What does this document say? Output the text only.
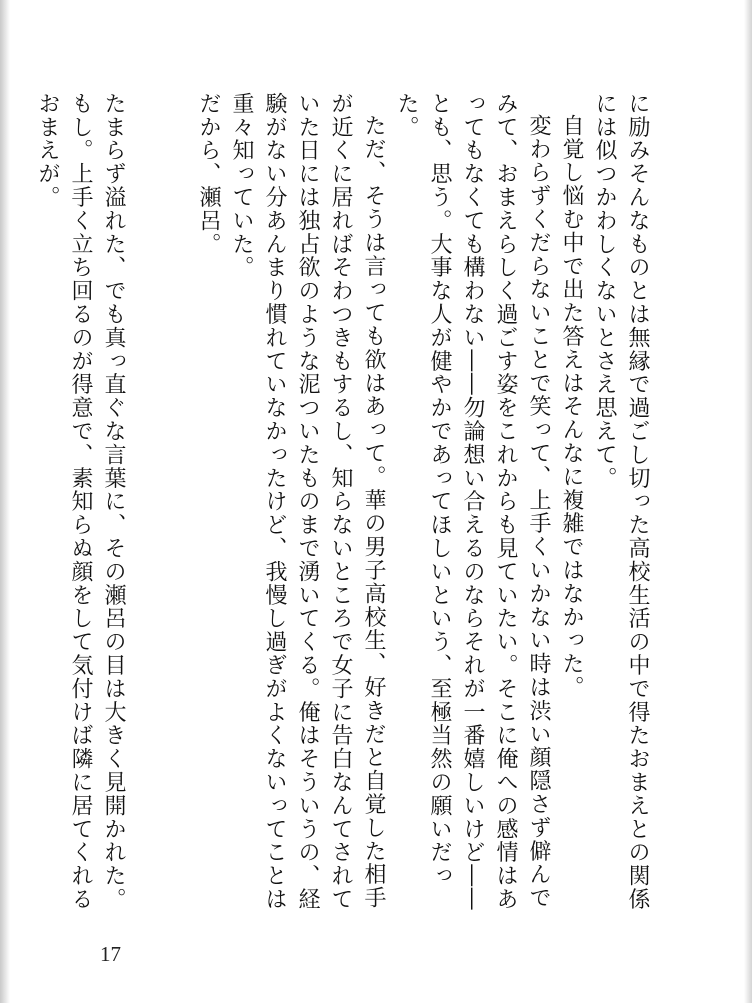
に励みそんなものとは無縁で過ごし切った高校生活の中で得たおまえとの関係には似つかわしくないとさえ思えて。

自覚し悩む中で出た答えはそんなに複雑ではなかった。

変わらずくだらないことで笑って、上手くいかない時は渋い顔隠さず僻んでみて、おまえらしく過ごす姿をこれからも見ていたい。そこに俺への感情はあってもなくても構わない――勿論想い合えるのならそれが一番嬉しいけど――とも、思う。大事な人が健やかであってほしいという、至極当然の願いだった。

ただ、そうは言っても欲はあって。華の男子高校生、好きだと自覚した相手が近くに居ればそわつきもするし、知らないところで女子に告白なんてされていた日には独占欲のような泥ついたものまで湧いてくる。俺はそういうの、経験がない分あんまり慣れていなかったけど、我慢し過ぎがよくないってことは重々知っていた。

だから、瀬呂。

たまらず溢れた、でも真っ直ぐな言葉に、その瀬呂の目は大きく見開かれた。

もし。上手く立ち回るのが得意で、素知らぬ顔をして気付けば隣に居てくれるおまえが。

17
